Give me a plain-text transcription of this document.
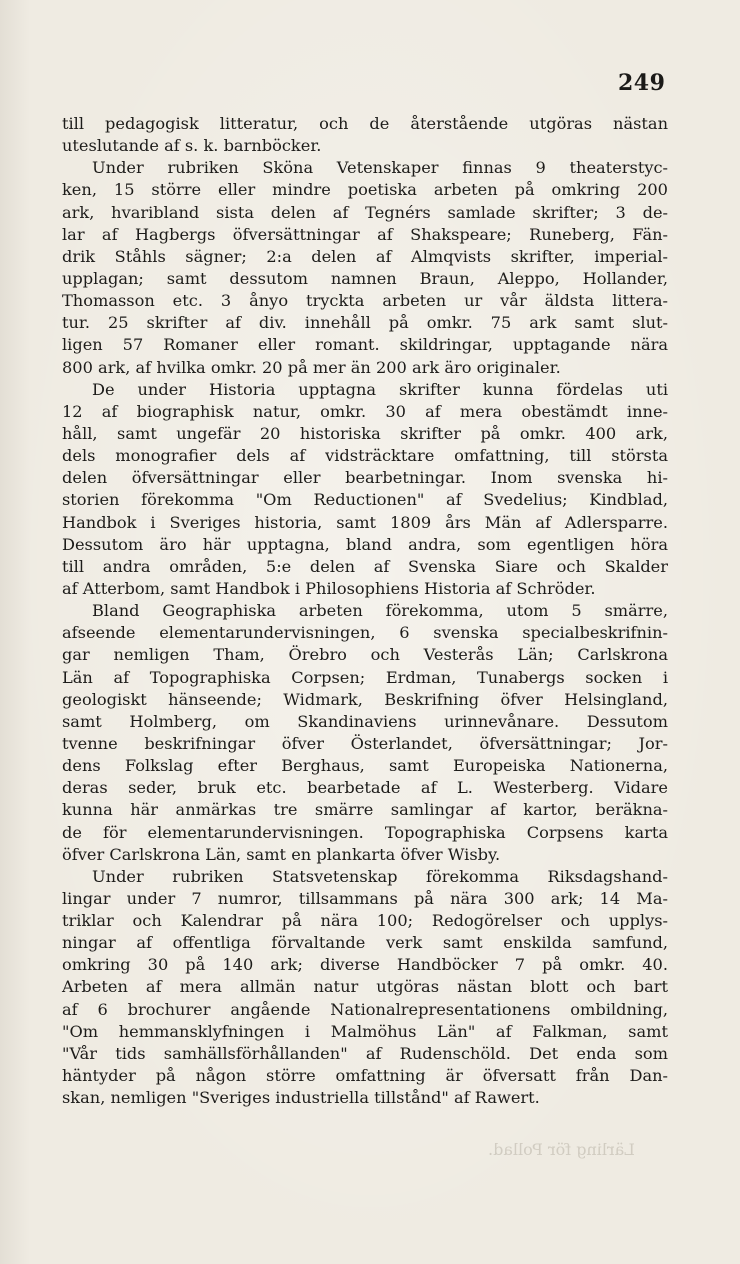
249
till pedagogisk litteratur, och de återstående utgöras nästan
uteslutande af s. k. barnböcker.
Under rubriken Sköna Vetenskaper finnas 9 theaterstyc-
ken, 15 större eller mindre poetiska arbeten på omkring 200
ark, hvaribland sista delen af Tegnérs samlade skrifter; 3 de-
lar af Hagbergs öfversättningar af Shakspeare; Runeberg, Fän-
drik Ståhls sägner; 2:a delen af Almqvists skrifter, imperial-
upplagan; samt dessutom namnen Braun, Aleppo, Hollander,
Thomasson etc. 3 ånyo tryckta arbeten ur vår äldsta littera-
tur. 25 skrifter af div. innehåll på omkr. 75 ark samt slut-
ligen 57 Romaner eller romant. skildringar, upptagande nära
800 ark, af hvilka omkr. 20 på mer än 200 ark äro originaler.
De under Historia upptagna skrifter kunna fördelas uti
12 af biographisk natur, omkr. 30 af mera obestämdt inne-
håll, samt ungefär 20 historiska skrifter på omkr. 400 ark,
dels monografier dels af vidsträcktare omfattning, till största
delen öfversättningar eller bearbetningar. Inom svenska hi-
storien förekomma "Om Reductionen" af Svedelius; Kindblad,
Handbok i Sveriges historia, samt 1809 års Män af Adlersparre.
Dessutom äro här upptagna, bland andra, som egentligen höra
till andra områden, 5:e delen af Svenska Siare och Skalder
af Atterbom, samt Handbok i Philosophiens Historia af Schröder.
Bland Geographiska arbeten förekomma, utom 5 smärre,
afseende elementarundervisningen, 6 svenska specialbeskrifnin-
gar nemligen Tham, Örebro och Vesterås Län; Carlskrona
Län af Topographiska Corpsen; Erdman, Tunabergs socken i
geologiskt hänseende; Widmark, Beskrifning öfver Helsingland,
samt Holmberg, om Skandinaviens urinnevånare. Dessutom
tvenne beskrifningar öfver Österlandet, öfversättningar; Jor-
dens Folkslag efter Berghaus, samt Europeiska Nationerna,
deras seder, bruk etc. bearbetade af L. Westerberg. Vidare
kunna här anmärkas tre smärre samlingar af kartor, beräkna-
de för elementarundervisningen. Topographiska Corpsens karta
öfver Carlskrona Län, samt en plankarta öfver Wisby.
Under rubriken Statsvetenskap förekomma Riksdagshand-
lingar under 7 numror, tillsammans på nära 300 ark; 14 Ma-
triklar och Kalendrar på nära 100; Redogörelser och upplys-
ningar af offentliga förvaltande verk samt enskilda samfund,
omkring 30 på 140 ark; diverse Handböcker 7 på omkr. 40.
Arbeten af mera allmän natur utgöras nästan blott och bart
af 6 brochurer angående Nationalrepresentationens ombildning,
"Om hemmansklyfningen i Malmöhus Län" af Falkman, samt
"Vår tids samhällsförhållanden" af Rudenschöld. Det enda som
häntyder på någon större omfattning är öfversatt från Dan-
skan, nemligen "Sveriges industriella tillstånd" af Rawert.
Lärling för Pollad.
